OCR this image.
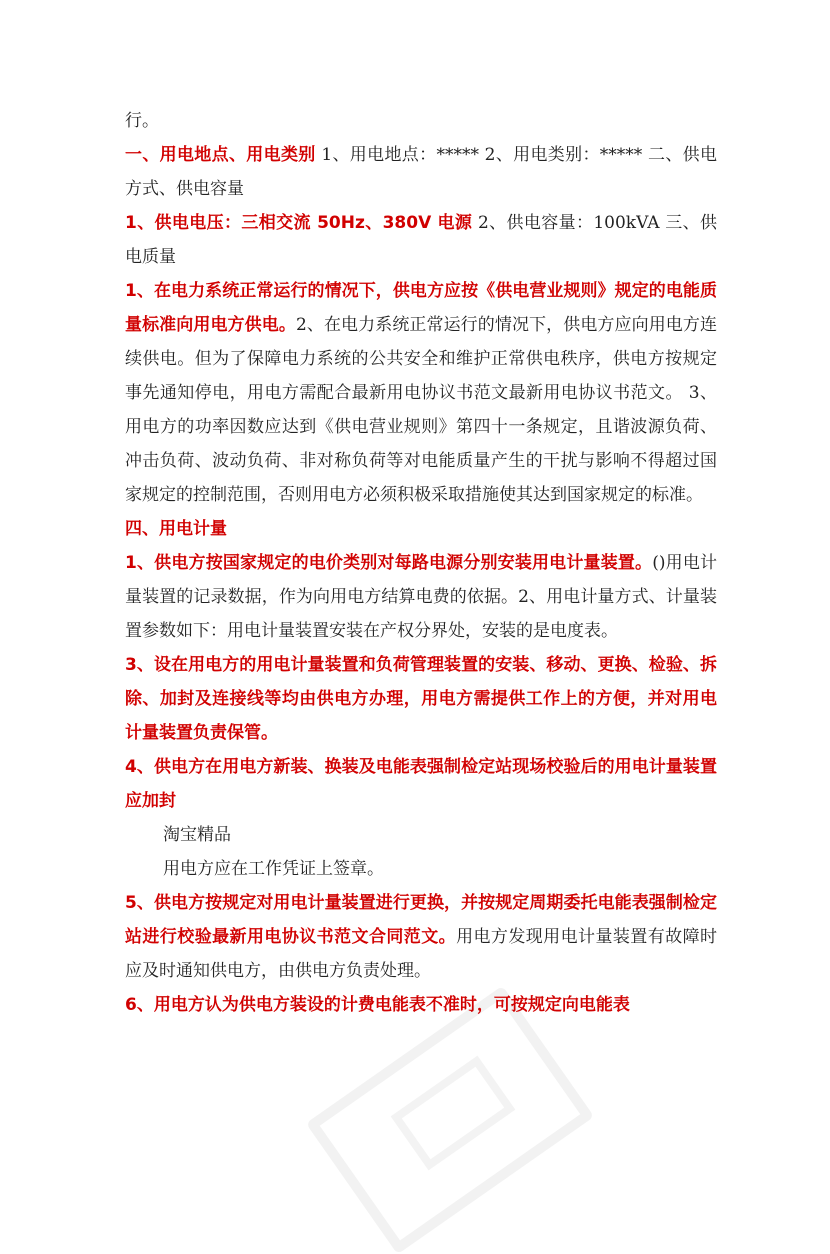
行。

一、用电地点、用电类别 1、用电地点：***** 2、用电类别：***** 二、供电方式、供电容量

1、供电电压：三相交流 50Hz、380V 电源 2、供电容量：100kVA 三、供电质量

1、在电力系统正常运行的情况下，供电方应按《供电营业规则》规定的电能质量标准向用电方供电。2、在电力系统正常运行的情况下，供电方应向用电方连续供电。但为了保障电力系统的公共安全和维护正常供电秩序，供电方按规定事先通知停电，用电方需配合最新用电协议书范文最新用电协议书范文。 3、用电方的功率因数应达到《供电营业规则》第四十一条规定，且谐波源负荷、冲击负荷、波动负荷、非对称负荷等对电能质量产生的干扰与影响不得超过国家规定的控制范围，否则用电方必须积极采取措施使其达到国家规定的标准。

四、用电计量

1、供电方按国家规定的电价类别对每路电源分别安装用电计量装置。()用电计量装置的记录数据，作为向用电方结算电费的依据。2、用电计量方式、计量装置参数如下：用电计量装置安装在产权分界处，安装的是电度表。

3、设在用电方的用电计量装置和负荷管理装置的安装、移动、更换、检验、拆除、加封及连接线等均由供电方办理，用电方需提供工作上的方便，并对用电计量装置负责保管。

4、供电方在用电方新装、换装及电能表强制检定站现场校验后的用电计量装置应加封

淘宝精品

用电方应在工作凭证上签章。

5、供电方按规定对用电计量装置进行更换，并按规定周期委托电能表强制检定站进行校验最新用电协议书范文合同范文。用电方发现用电计量装置有故障时应及时通知供电方，由供电方负责处理。

6、用电方认为供电方装设的计费电能表不准时，可按规定向电能表
